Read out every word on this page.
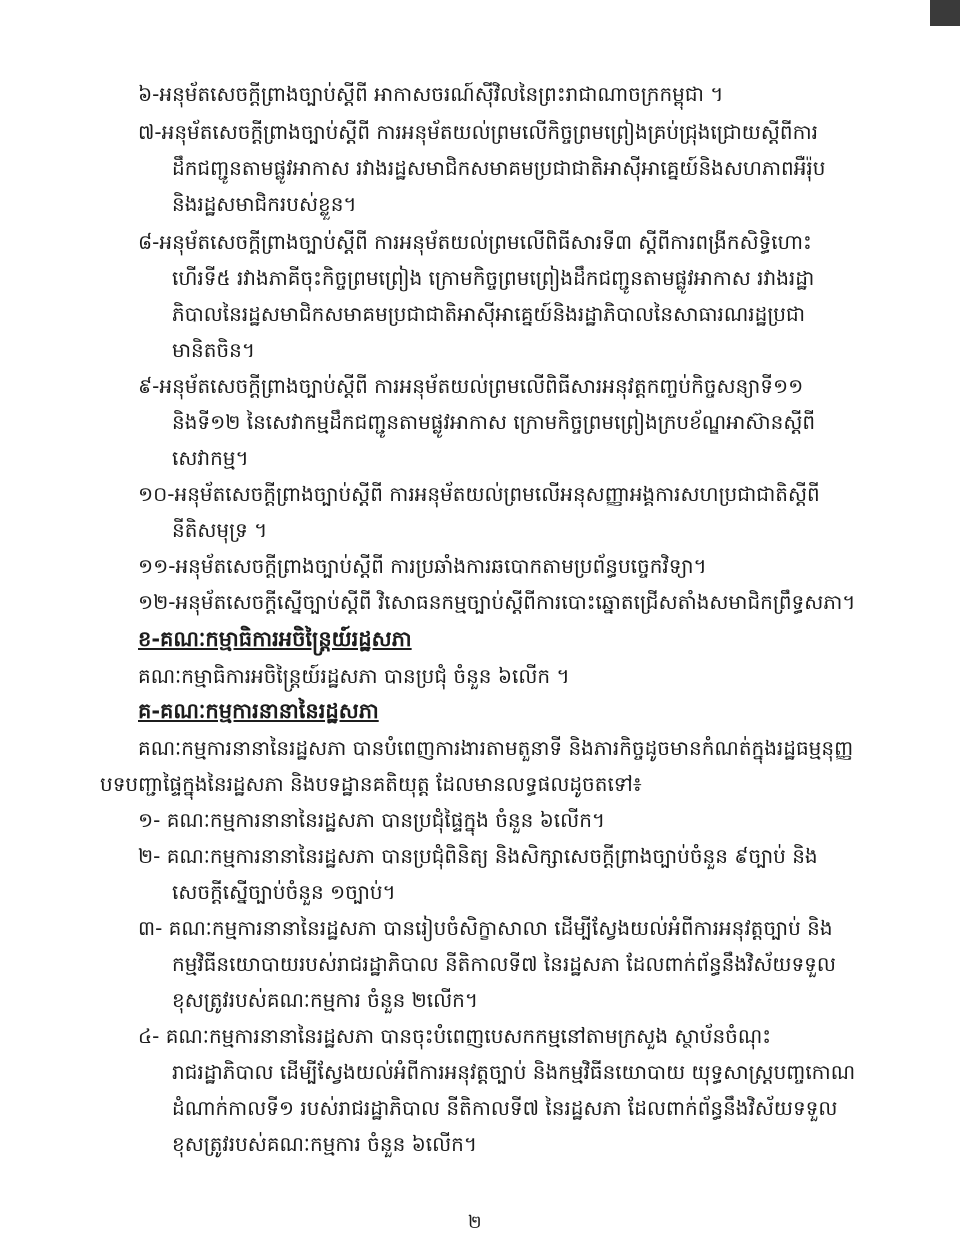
៦-អនុម័តសេចក្តីព្រាងច្បាប់ស្តីពី អាកាសចរណ៍ស៊ីវិលនៃព្រះរាជាណាចក្រកម្ពុជា ។
៧-អនុម័តសេចក្តីព្រាងច្បាប់ស្តីពី ការអនុម័តយល់ព្រមលើកិច្ចព្រមព្រៀងគ្រប់ជ្រុងជ្រោយស្តីពីការ
ដឹកជញ្ជូនតាមផ្លូវអាកាស រវាងរដ្ឋសមាជិកសមាគមប្រជាជាតិអាស៊ីអាគ្នេយ៍និងសហភាពអឺរ៉ុប
និងរដ្ឋសមាជិករបស់ខ្លួន។
៨-អនុម័តសេចក្តីព្រាងច្បាប់ស្តីពី ការអនុម័តយល់ព្រមលើពិធីសារទី៣ ស្តីពីការពង្រីកសិទ្ធិហោះ
ហើរទី៥ រវាងភាគីចុះកិច្ចព្រមព្រៀង ក្រោមកិច្ចព្រមព្រៀងដឹកជញ្ជូនតាមផ្លូវអាកាស រវាងរដ្ឋា
ភិបាលនៃរដ្ឋសមាជិកសមាគមប្រជាជាតិអាស៊ីអាគ្នេយ៍និងរដ្ឋាភិបាលនៃសាធារណរដ្ឋប្រជា
មានិតចិន។
៩-អនុម័តសេចក្តីព្រាងច្បាប់ស្តីពី ការអនុម័តយល់ព្រមលើពិធីសារអនុវត្តកញ្ចប់កិច្ចសន្យាទី១១
និងទី១២ នៃសេវាកម្មដឹកជញ្ជូនតាមផ្លូវអាកាស ក្រោមកិច្ចព្រមព្រៀងក្របខ័ណ្ឌអាស៊ានស្តីពី
សេវាកម្ម។
១០-អនុម័តសេចក្តីព្រាងច្បាប់ស្តីពី ការអនុម័តយល់ព្រមលើអនុសញ្ញាអង្គការសហប្រជាជាតិស្តីពី
នីតិសមុទ្រ ។
១១-អនុម័តសេចក្តីព្រាងច្បាប់ស្តីពី ការប្រឆាំងការឆបោកតាមប្រព័ន្ធបច្ចេកវិទ្យា។
១២-អនុម័តសេចក្តីស្នើច្បាប់ស្តីពី វិសោធនកម្មច្បាប់ស្តីពីការបោះឆ្នោតជ្រើសតាំងសមាជិកព្រឹទ្ធសភា។
ខ-គណៈកម្មាធិការអចិន្ត្រៃយ៍រដ្ឋសភា
គណៈកម្មាធិការអចិន្ត្រៃយ៍រដ្ឋសភា បានប្រជុំ ចំនួន ៦លើក ។
គ-គណៈកម្មការនានានៃរដ្ឋសភា
គណៈកម្មការនានានៃរដ្ឋសភា បានបំពេញការងារតាមតួនាទី និងភារកិច្ចដូចមានកំណត់ក្នុងរដ្ឋធម្មនុញ្ញ
បទបញ្ជាផ្ទៃក្នុងនៃរដ្ឋសភា និងបទដ្ឋានគតិយុត្ត ដែលមានលទ្ធផលដូចតទៅ៖
១- គណៈកម្មការនានានៃរដ្ឋសភា បានប្រជុំផ្ទៃក្នុង ចំនួន ៦លើក។
២- គណៈកម្មការនានានៃរដ្ឋសភា បានប្រជុំពិនិត្យ និងសិក្សាសេចក្តីព្រាងច្បាប់ចំនួន ៩ច្បាប់ និង
សេចក្តីស្នើច្បាប់ចំនួន ១ច្បាប់។
៣- គណៈកម្មការនានានៃរដ្ឋសភា បានរៀបចំសិក្ខាសាលា ដើម្បីស្វែងយល់អំពីការអនុវត្តច្បាប់ និង
កម្មវិធីនយោបាយរបស់រាជរដ្ឋាភិបាល នីតិកាលទី៧ នៃរដ្ឋសភា ដែលពាក់ព័ន្ធនឹងវិស័យទទួល
ខុសត្រូវរបស់គណៈកម្មការ ចំនួន ២លើក។
៤- គណៈកម្មការនានានៃរដ្ឋសភា បានចុះបំពេញបេសកកម្មនៅតាមក្រសួង ស្ថាប័នចំណុះ
រាជរដ្ឋាភិបាល ដើម្បីស្វែងយល់អំពីការអនុវត្តច្បាប់ និងកម្មវិធីនយោបាយ យុទ្ធសាស្ត្របញ្ចកោណ
ដំណាក់កាលទី១ របស់រាជរដ្ឋាភិបាល នីតិកាលទី៧ នៃរដ្ឋសភា ដែលពាក់ព័ន្ធនឹងវិស័យទទួល
ខុសត្រូវរបស់គណៈកម្មការ ចំនួន ៦លើក។
២
